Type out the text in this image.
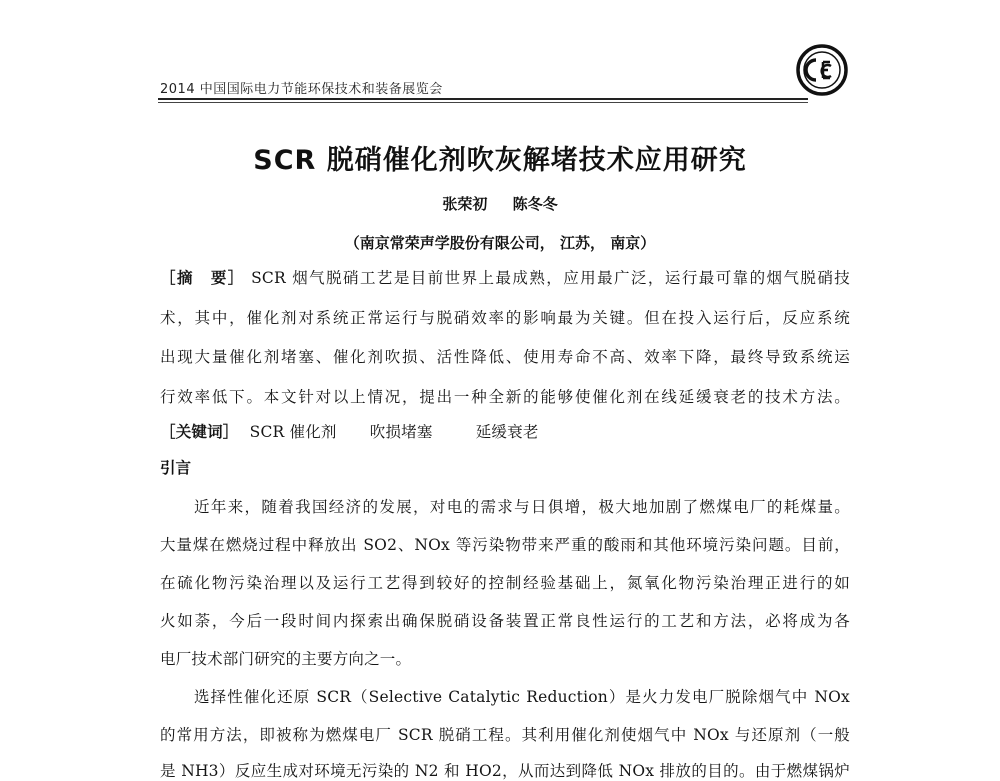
2014 中国国际电力节能环保技术和装备展览会
SCR 脱硝催化剂吹灰解堵技术应用研究
张荣初 陈冬冬
（南京常荣声学股份有限公司， 江苏， 南京）
［摘　要］ SCR 烟气脱硝工艺是目前世界上最成熟，应用最广泛，运行最可靠的烟气脱硝技
术，其中，催化剂对系统正常运行与脱硝效率的影响最为关键。但在投入运行后，反应系统
出现大量催化剂堵塞、催化剂吹损、活性降低、使用寿命不高、效率下降，最终导致系统运
行效率低下。本文针对以上情况，提出一种全新的能够使催化剂在线延缓衰老的技术方法。
［关键词］ SCR 催化剂 吹损堵塞	延缓衰老
引言
近年来，随着我国经济的发展，对电的需求与日俱增，极大地加剧了燃煤电厂的耗煤量。
大量煤在燃烧过程中释放出 SO2、NOx 等污染物带来严重的酸雨和其他环境污染问题。目前，
在硫化物污染治理以及运行工艺得到较好的控制经验基础上，氮氧化物污染治理正进行的如
火如荼，今后一段时间内探索出确保脱硝设备装置正常良性运行的工艺和方法，必将成为各
电厂技术部门研究的主要方向之一。
选择性催化还原 SCR（Selective Catalytic Reduction）是火力发电厂脱除烟气中 NOx
的常用方法，即被称为燃煤电厂 SCR 脱硝工程。其利用催化剂使烟气中 NOx 与还原剂（一般
是 NH3）反应生成对环境无污染的 N2 和 HO2，从而达到降低 NOx 排放的目的。由于燃煤锅炉
